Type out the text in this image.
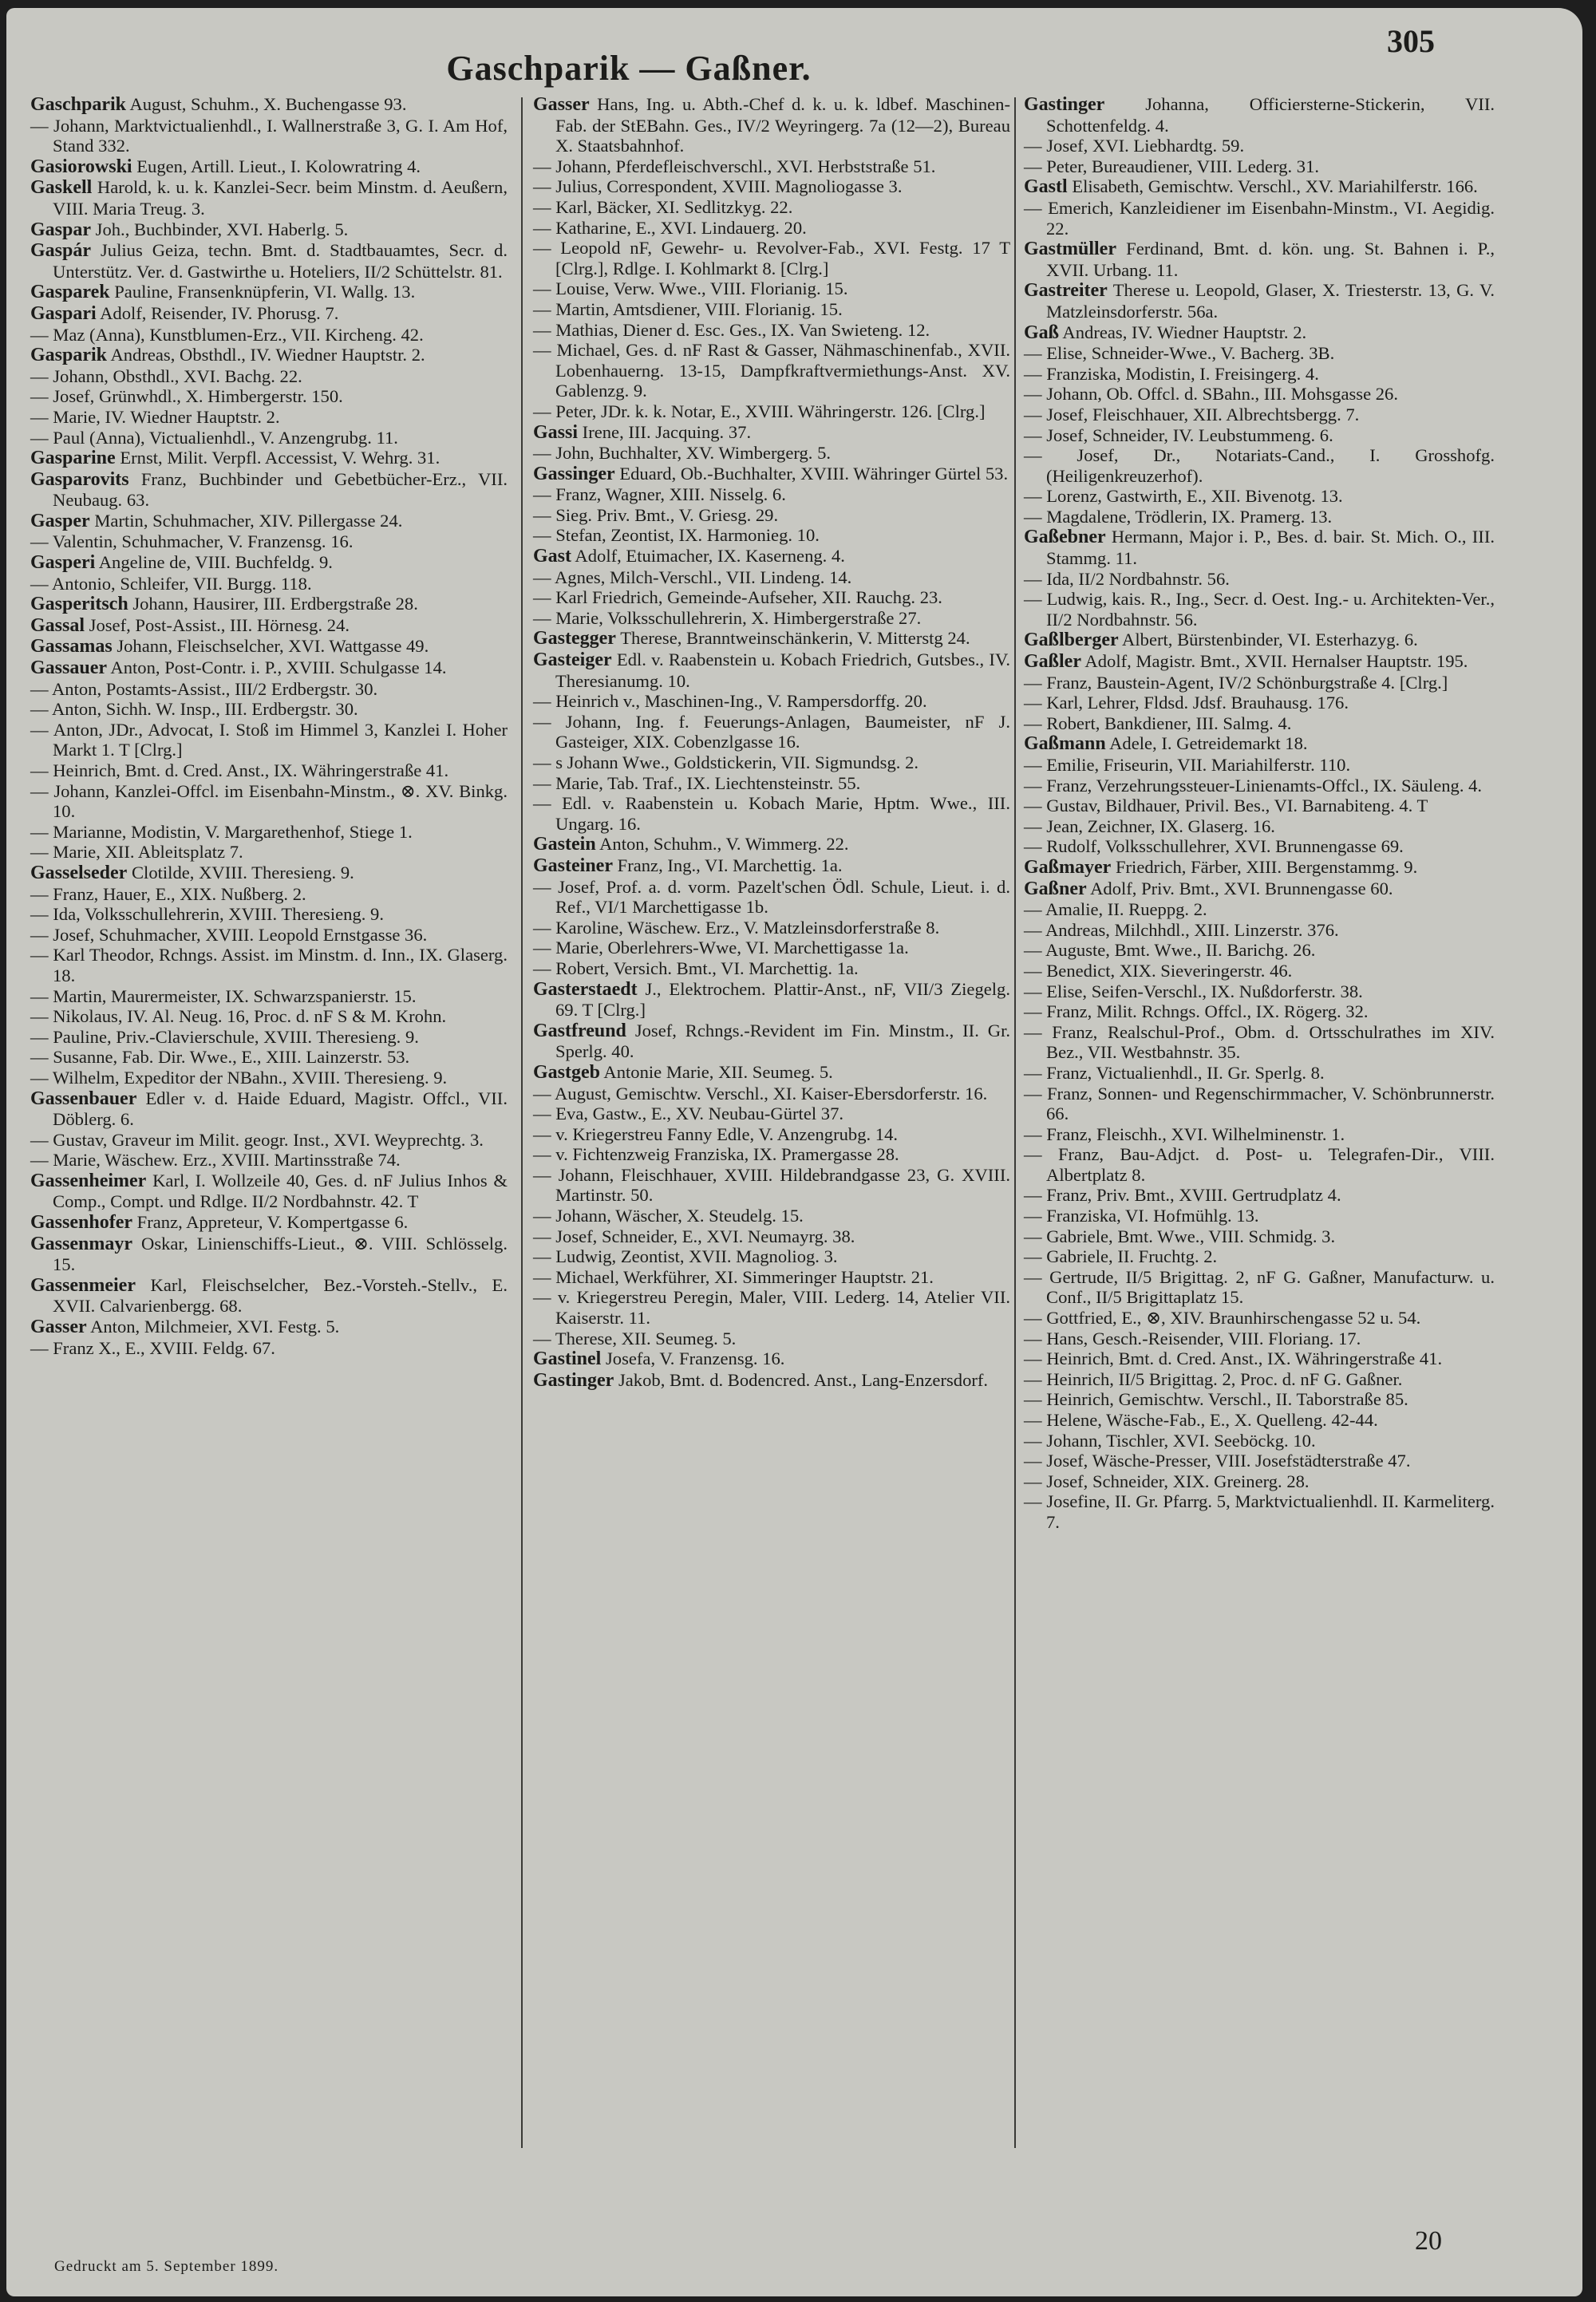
305
Gaschparik — Gaßner.
Gaschparik August, Schuhm., X. Buchengasse 93.
— Johann, Marktvictualienhdl., I. Wallnerstraße 3, G. I. Am Hof, Stand 332.
Gasiorowski Eugen, Artill. Lieut., I. Kolowratring 4.
Gaskell Harold, k. u. k. Kanzlei-Secr. beim Minstm. d. Aeußern, VIII. Maria Treug. 3.
Gaspar Joh., Buchbinder, XVI. Haberlg. 5.
Gaspár Julius Geiza, techn. Bmt. d. Stadtbauamtes, Secr. d. Unterstütz. Ver. d. Gastwirthe u. Hoteliers, II/2 Schüttelstr. 81.
Gasparek Pauline, Fransenknüpferin, VI. Wallg. 13.
Gaspari Adolf, Reisender, IV. Phorusg. 7.
— Maz (Anna), Kunstblumen-Erz., VII. Kircheng. 42.
Gasparik Andreas, Obsthdl., IV. Wiedner Hauptstr. 2.
— Johann, Obsthdl., XVI. Bachg. 22.
— Josef, Grünwhdl., X. Himbergerstr. 150.
— Marie, IV. Wiedner Hauptstr. 2.
— Paul (Anna), Victualienhdl., V. Anzengrubg. 11.
Gasparine Ernst, Milit. Verpfl. Accessist, V. Wehrg. 31.
Gasparovits Franz, Buchbinder und Gebetbücher-Erz., VII. Neubaug. 63.
Gasper Martin, Schuhmacher, XIV. Pillergasse 24.
— Valentin, Schuhmacher, V. Franzensg. 16.
Gasperi Angeline de, VIII. Buchfeldg. 9.
— Antonio, Schleifer, VII. Burgg. 118.
Gasperitsch Johann, Hausirer, III. Erdbergstraße 28.
Gassal Josef, Post-Assist., III. Hörnesg. 24.
Gassamas Johann, Fleischselcher, XVI. Wattgasse 49.
Gassauer Anton, Post-Contr. i. P., XVIII. Schulgasse 14.
— Anton, Postamts-Assist., III/2 Erdbergstr. 30.
— Anton, Sichh. W. Insp., III. Erdbergstr. 30.
— Anton, JDr., Advocat, I. Stoß im Himmel 3, Kanzlei I. Hoher Markt 1. T [Clrg.]
— Heinrich, Bmt. d. Cred. Anst., IX. Währingerstraße 41.
— Johann, Kanzlei-Offcl. im Eisenbahn-Minstm., ⊗. XV. Binkg. 10.
— Marianne, Modistin, V. Margarethenhof, Stiege 1.
— Marie, XII. Ableitsplatz 7.
Gasselseder Clotilde, XVIII. Theresieng. 9.
— Franz, Hauer, E., XIX. Nußberg. 2.
— Ida, Volksschullehrerin, XVIII. Theresieng. 9.
— Josef, Schuhmacher, XVIII. Leopold Ernstgasse 36.
— Karl Theodor, Rchngs. Assist. im Minstm. d. Inn., IX. Glaserg. 18.
— Martin, Maurermeister, IX. Schwarzspanierstr. 15.
— Nikolaus, IV. Al. Neug. 16, Proc. d. nF S & M. Krohn.
— Pauline, Priv.-Clavierschule, XVIII. Theresieng. 9.
— Susanne, Fab. Dir. Wwe., E., XIII. Lainzerstr. 53.
— Wilhelm, Expeditor der NBahn., XVIII. Theresieng. 9.
Gassenbauer Edler v. d. Haide Eduard, Magistr. Offcl., VII. Döblerg. 6.
— Gustav, Graveur im Milit. geogr. Inst., XVI. Weyprechtg. 3.
— Marie, Wäschew. Erz., XVIII. Martinsstraße 74.
Gassenheimer Karl, I. Wollzeile 40, Ges. d. nF Julius Inhos & Comp., Compt. und Rdlge. II/2 Nordbahnstr. 42. T
Gassenhofer Franz, Appreteur, V. Kompertgasse 6.
Gassenmayr Oskar, Linienschiffs-Lieut., ⊗. VIII. Schlösselg. 15.
Gassenmeier Karl, Fleischselcher, Bez.-Vorsteh.-Stellv., E. XVII. Calvarienbergg. 68.
Gasser Anton, Milchmeier, XVI. Festg. 5.
— Franz X., E., XVIII. Feldg. 67.
Gasser Hans, Ing. u. Abth.-Chef d. k. u. k. ldbef. Maschinen-Fab. der StEBahn. Ges., IV/2 Weyringerg. 7a (12—2), Bureau X. Staatsbahnhof.
— Johann, Pferdefleischverschl., XVI. Herbststraße 51.
— Julius, Correspondent, XVIII. Magnoliogasse 3.
— Karl, Bäcker, XI. Sedlitzkyg. 22.
— Katharine, E., XVI. Lindauerg. 20.
— Leopold nF, Gewehr- u. Revolver-Fab., XVI. Festg. 17 T [Clrg.], Rdlge. I. Kohlmarkt 8. [Clrg.]
— Louise, Verw. Wwe., VIII. Florianig. 15.
— Martin, Amtsdiener, VIII. Florianig. 15.
— Mathias, Diener d. Esc. Ges., IX. Van Swieteng. 12.
— Michael, Ges. d. nF Rast & Gasser, Nähmaschinenfab., XVII. Lobenhauerng. 13-15, Dampfkraftvermiethungs-Anst. XV. Gablenzg. 9.
— Peter, JDr. k. k. Notar, E., XVIII. Währingerstr. 126. [Clrg.]
Gassi Irene, III. Jacquing. 37.
— John, Buchhalter, XV. Wimbergerg. 5.
Gassinger Eduard, Ob.-Buchhalter, XVIII. Währinger Gürtel 53.
— Franz, Wagner, XIII. Nisselg. 6.
— Sieg. Priv. Bmt., V. Griesg. 29.
— Stefan, Zeontist, IX. Harmonieg. 10.
Gast Adolf, Etuimacher, IX. Kaserneng. 4.
— Agnes, Milch-Verschl., VII. Lindeng. 14.
— Karl Friedrich, Gemeinde-Aufseher, XII. Rauchg. 23.
— Marie, Volksschullehrerin, X. Himbergerstraße 27.
Gastegger Therese, Branntweinschänkerin, V. Mitterstg 24.
Gasteiger Edl. v. Raabenstein u. Kobach Friedrich, Gutsbes., IV. Theresianumg. 10.
— Heinrich v., Maschinen-Ing., V. Rampersdorffg. 20.
— Johann, Ing. f. Feuerungs-Anlagen, Baumeister, nF J. Gasteiger, XIX. Cobenzlgasse 16.
— s Johann Wwe., Goldstickerin, VII. Sigmundsg. 2.
— Marie, Tab. Traf., IX. Liechtensteinstr. 55.
— Edl. v. Raabenstein u. Kobach Marie, Hptm. Wwe., III. Ungarg. 16.
Gastein Anton, Schuhm., V. Wimmerg. 22.
Gasteiner Franz, Ing., VI. Marchettig. 1a.
— Josef, Prof. a. d. vorm. Pazelt'schen Ödl. Schule, Lieut. i. d. Ref., VI/1 Marchettigasse 1b.
— Karoline, Wäschew. Erz., V. Matzleinsdorferstraße 8.
— Marie, Oberlehrers-Wwe, VI. Marchettigasse 1a.
— Robert, Versich. Bmt., VI. Marchettig. 1a.
Gasterstaedt J., Elektrochem. Plattir-Anst., nF, VII/3 Ziegelg. 69. T [Clrg.]
Gastfreund Josef, Rchngs.-Revident im Fin. Minstm., II. Gr. Sperlg. 40.
Gastgeb Antonie Marie, XII. Seumeg. 5.
— August, Gemischtw. Verschl., XI. Kaiser-Ebersdorferstr. 16.
— Eva, Gastw., E., XV. Neubau-Gürtel 37.
— v. Kriegerstreu Fanny Edle, V. Anzengrubg. 14.
— v. Fichtenzweig Franziska, IX. Pramergasse 28.
— Johann, Fleischhauer, XVIII. Hildebrandgasse 23, G. XVIII. Martinstr. 50.
— Johann, Wäscher, X. Steudelg. 15.
— Josef, Schneider, E., XVI. Neumayrg. 38.
— Ludwig, Zeontist, XVII. Magnoliog. 3.
— Michael, Werkführer, XI. Simmeringer Hauptstr. 21.
— v. Kriegerstreu Peregin, Maler, VIII. Lederg. 14, Atelier VII. Kaiserstr. 11.
— Therese, XII. Seumeg. 5.
Gastinel Josefa, V. Franzensg. 16.
Gastinger Jakob, Bmt. d. Bodencred. Anst., Lang-Enzersdorf.
Gastinger Johanna, Officiersterne-Stickerin, VII. Schottenfeldg. 4.
— Josef, XVI. Liebhardtg. 59.
— Peter, Bureaudiener, VIII. Lederg. 31.
Gastl Elisabeth, Gemischtw. Verschl., XV. Mariahilferstr. 166.
— Emerich, Kanzleidiener im Eisenbahn-Minstm., VI. Aegidig. 22.
Gastmüller Ferdinand, Bmt. d. kön. ung. St. Bahnen i. P., XVII. Urbang. 11.
Gastreiter Therese u. Leopold, Glaser, X. Triesterstr. 13, G. V. Matzleinsdorferstr. 56a.
Gaß Andreas, IV. Wiedner Hauptstr. 2.
— Elise, Schneider-Wwe., V. Bacherg. 3B.
— Franziska, Modistin, I. Freisingerg. 4.
— Johann, Ob. Offcl. d. SBahn., III. Mohsgasse 26.
— Josef, Fleischhauer, XII. Albrechtsbergg. 7.
— Josef, Schneider, IV. Leubstummeng. 6.
— Josef, Dr., Notariats-Cand., I. Grosshofg. (Heiligenkreuzerhof).
— Lorenz, Gastwirth, E., XII. Bivenotg. 13.
— Magdalene, Trödlerin, IX. Pramerg. 13.
Gaßebner Hermann, Major i. P., Bes. d. bair. St. Mich. O., III. Stammg. 11.
— Ida, II/2 Nordbahnstr. 56.
— Ludwig, kais. R., Ing., Secr. d. Oest. Ing.- u. Architekten-Ver., II/2 Nordbahnstr. 56.
Gaßlberger Albert, Bürstenbinder, VI. Esterhazyg. 6.
Gaßler Adolf, Magistr. Bmt., XVII. Hernalser Hauptstr. 195.
— Franz, Baustein-Agent, IV/2 Schönburgstraße 4. [Clrg.]
— Karl, Lehrer, Fldsd. Jdsf. Brauhausg. 176.
— Robert, Bankdiener, III. Salmg. 4.
Gaßmann Adele, I. Getreidemarkt 18.
— Emilie, Friseurin, VII. Mariahilferstr. 110.
— Franz, Verzehrungssteuer-Linienamts-Offcl., IX. Säuleng. 4.
— Gustav, Bildhauer, Privil. Bes., VI. Barnabiteng. 4. T
— Jean, Zeichner, IX. Glaserg. 16.
— Rudolf, Volksschullehrer, XVI. Brunnengasse 69.
Gaßmayer Friedrich, Färber, XIII. Bergenstammg. 9.
Gaßner Adolf, Priv. Bmt., XVI. Brunnengasse 60.
— Amalie, II. Rueppg. 2.
— Andreas, Milchhdl., XIII. Linzerstr. 376.
— Auguste, Bmt. Wwe., II. Barichg. 26.
— Benedict, XIX. Sieveringerstr. 46.
— Elise, Seifen-Verschl., IX. Nußdorferstr. 38.
— Franz, Milit. Rchngs. Offcl., IX. Rögerg. 32.
— Franz, Realschul-Prof., Obm. d. Ortsschulrathes im XIV. Bez., VII. Westbahnstr. 35.
— Franz, Victualienhdl., II. Gr. Sperlg. 8.
— Franz, Sonnen- und Regenschirmmacher, V. Schönbrunnerstr. 66.
— Franz, Fleischh., XVI. Wilhelminenstr. 1.
— Franz, Bau-Adjct. d. Post- u. Telegrafen-Dir., VIII. Albertplatz 8.
— Franz, Priv. Bmt., XVIII. Gertrudplatz 4.
— Franziska, VI. Hofmühlg. 13.
— Gabriele, Bmt. Wwe., VIII. Schmidg. 3.
— Gabriele, II. Fruchtg. 2.
— Gertrude, II/5 Brigittag. 2, nF G. Gaßner, Manufacturw. u. Conf., II/5 Brigittaplatz 15.
— Gottfried, E., ⊗, XIV. Braunhirschengasse 52 u. 54.
— Hans, Gesch.-Reisender, VIII. Floriang. 17.
— Heinrich, Bmt. d. Cred. Anst., IX. Währingerstraße 41.
— Heinrich, II/5 Brigittag. 2, Proc. d. nF G. Gaßner.
— Heinrich, Gemischtw. Verschl., II. Taborstraße 85.
— Helene, Wäsche-Fab., E., X. Quelleng. 42-44.
— Johann, Tischler, XVI. Seeböckg. 10.
— Josef, Wäsche-Presser, VIII. Josefstädterstraße 47.
— Josef, Schneider, XIX. Greinerg. 28.
— Josefine, II. Gr. Pfarrg. 5, Marktvictualienhdl. II. Karmeliterg. 7.
Gedruckt am 5. September 1899.
20
